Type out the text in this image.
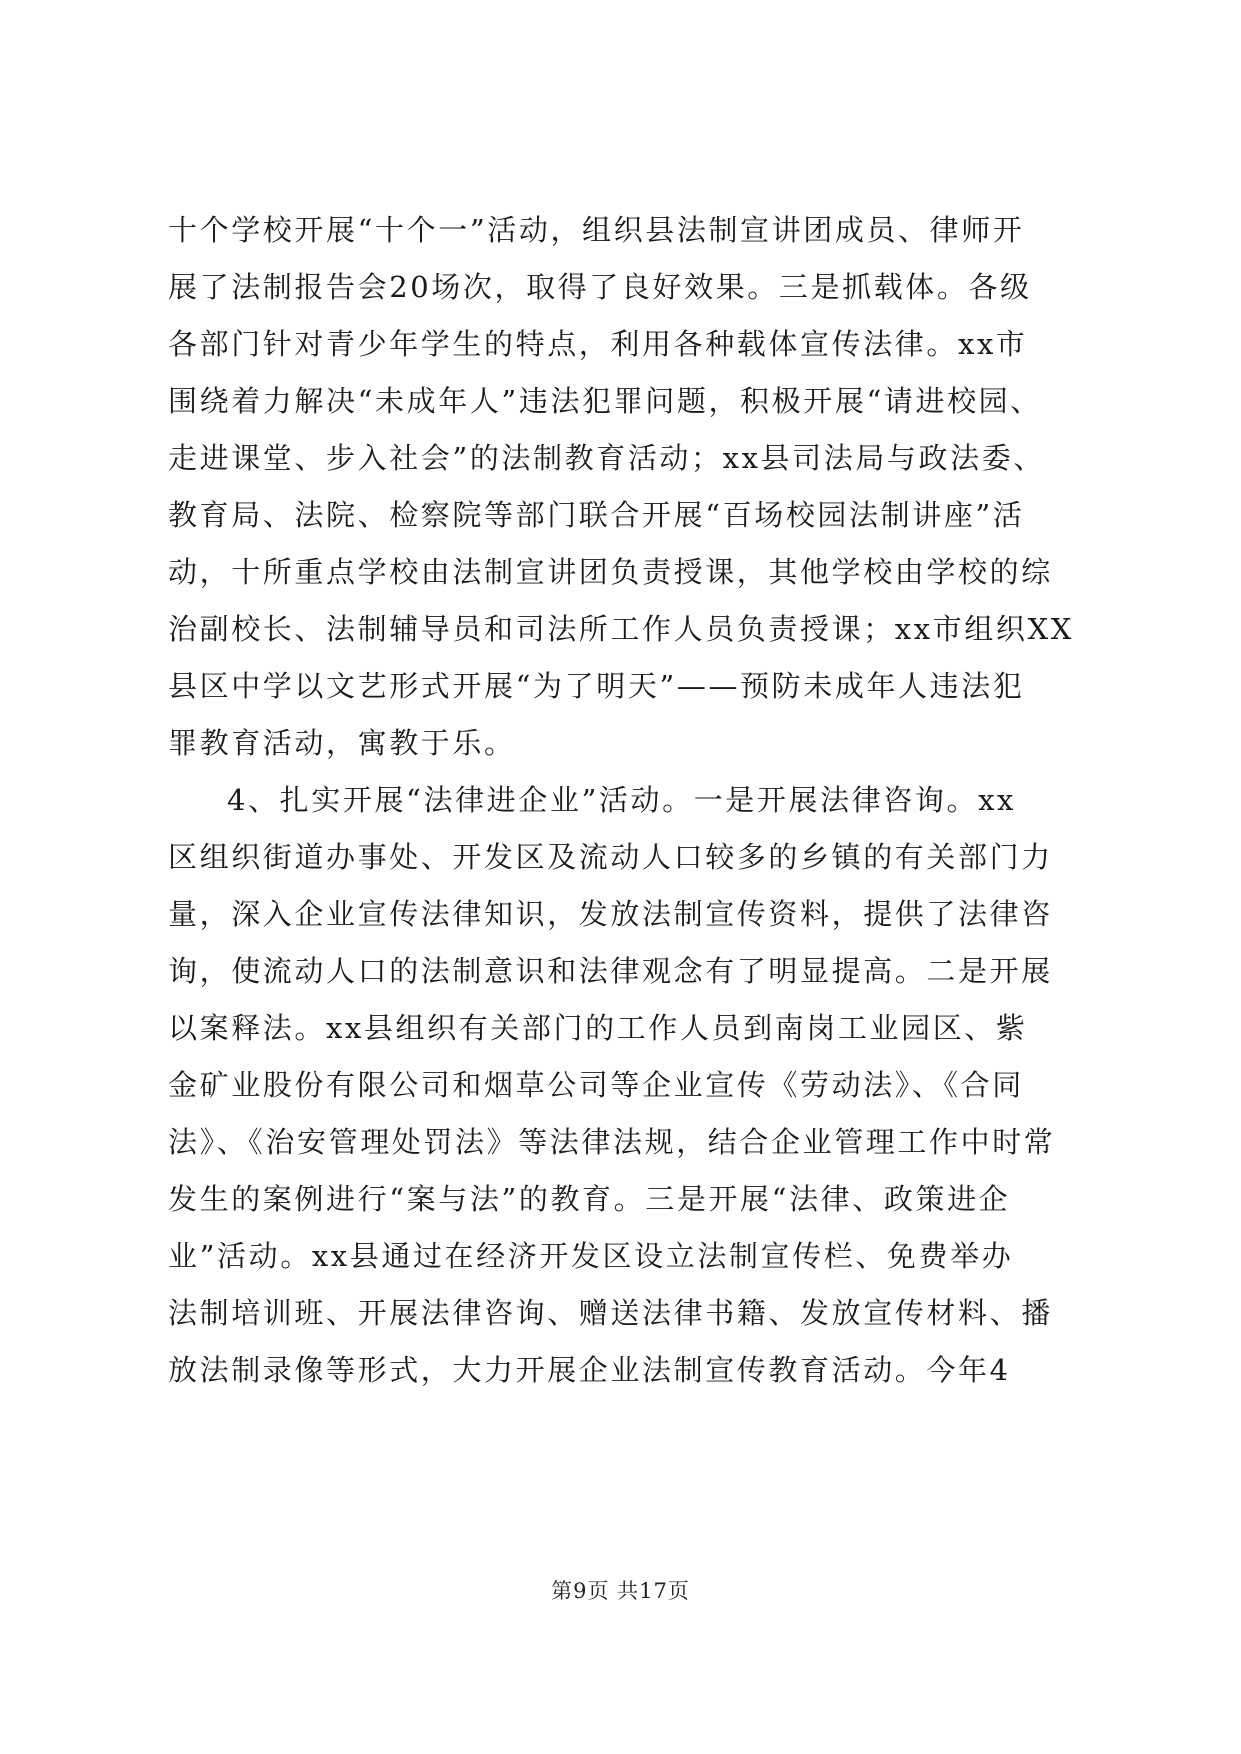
十个学校开展“十个一”活动，组织县法制宣讲团成员、律师开
展了法制报告会20场次，取得了良好效果。三是抓载体。各级
各部门针对青少年学生的特点，利用各种载体宣传法律。xx市
围绕着力解决“未成年人”违法犯罪问题，积极开展“请进校园、
走进课堂、步入社会”的法制教育活动；xx县司法局与政法委、
教育局、法院、检察院等部门联合开展“百场校园法制讲座”活
动，十所重点学校由法制宣讲团负责授课，其他学校由学校的综
治副校长、法制辅导员和司法所工作人员负责授课；xx市组织XX
县区中学以文艺形式开展“为了明天”——预防未成年人违法犯
罪教育活动，寓教于乐。
4、扎实开展“法律进企业”活动。一是开展法律咨询。xx
区组织街道办事处、开发区及流动人口较多的乡镇的有关部门力
量，深入企业宣传法律知识，发放法制宣传资料，提供了法律咨
询，使流动人口的法制意识和法律观念有了明显提高。二是开展
以案释法。xx县组织有关部门的工作人员到南岗工业园区、紫
金矿业股份有限公司和烟草公司等企业宣传《劳动法》、《合同
法》、《治安管理处罚法》等法律法规，结合企业管理工作中时常
发生的案例进行“案与法”的教育。三是开展“法律、政策进企
业”活动。xx县通过在经济开发区设立法制宣传栏、免费举办
法制培训班、开展法律咨询、赠送法律书籍、发放宣传材料、播
放法制录像等形式，大力开展企业法制宣传教育活动。今年4
第9页 共17页
